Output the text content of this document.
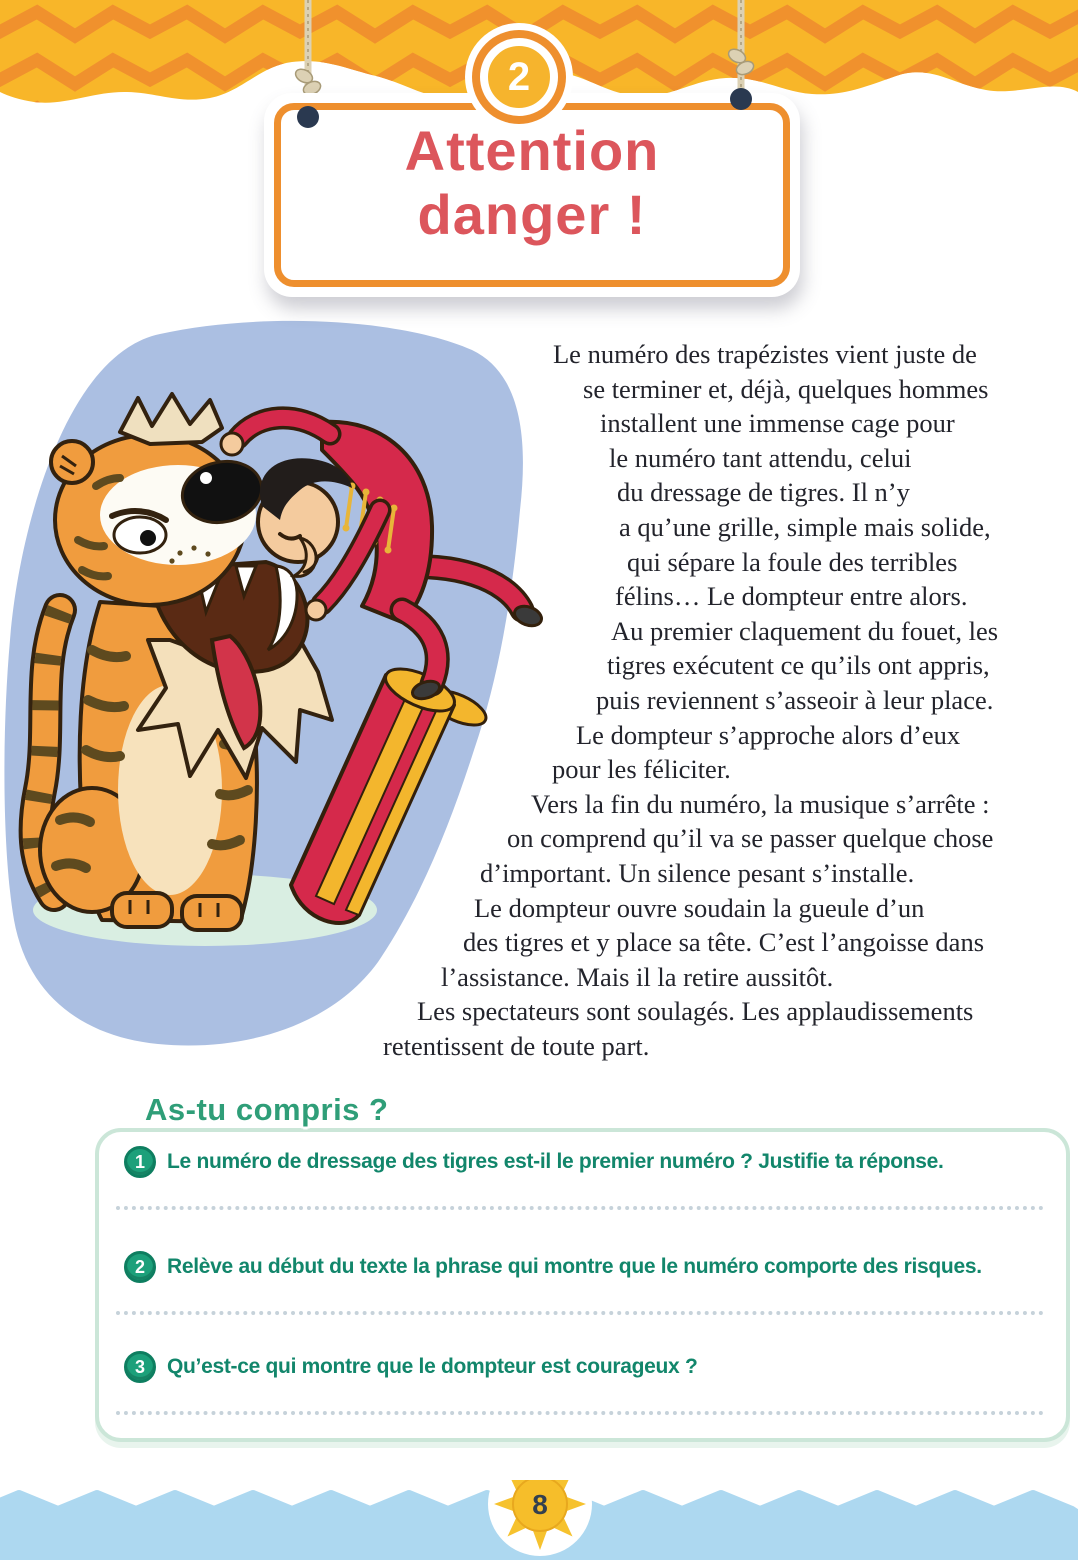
Attention
danger !
2
Le numéro des trapézistes vient juste de
se terminer et, déjà, quelques hommes
installent une immense cage pour
le numéro tant attendu, celui
du dressage de tigres. Il n’y
a qu’une grille, simple mais solide,
qui sépare la foule des terribles
félins… Le dompteur entre alors.
Au premier claquement du fouet, les
tigres exécutent ce qu’ils ont appris,
puis reviennent s’asseoir à leur place.
Le dompteur s’approche alors d’eux
pour les féliciter.
Vers la fin du numéro, la musique s’arrête :
on comprend qu’il va se passer quelque chose
d’important. Un silence pesant s’installe.
Le dompteur ouvre soudain la gueule d’un
des tigres et y place sa tête. C’est l’angoisse dans
l’assistance. Mais il la retire aussitôt.
Les spectateurs sont soulagés. Les applaudissements
retentissent de toute part.
As-tu compris ?
1	Le numéro de dressage des tigres est-il le premier numéro ? Justifie ta réponse.
2	Relève au début du texte la phrase qui montre que le numéro comporte des risques.
3	Qu’est-ce qui montre que le dompteur est courageux ?
8
